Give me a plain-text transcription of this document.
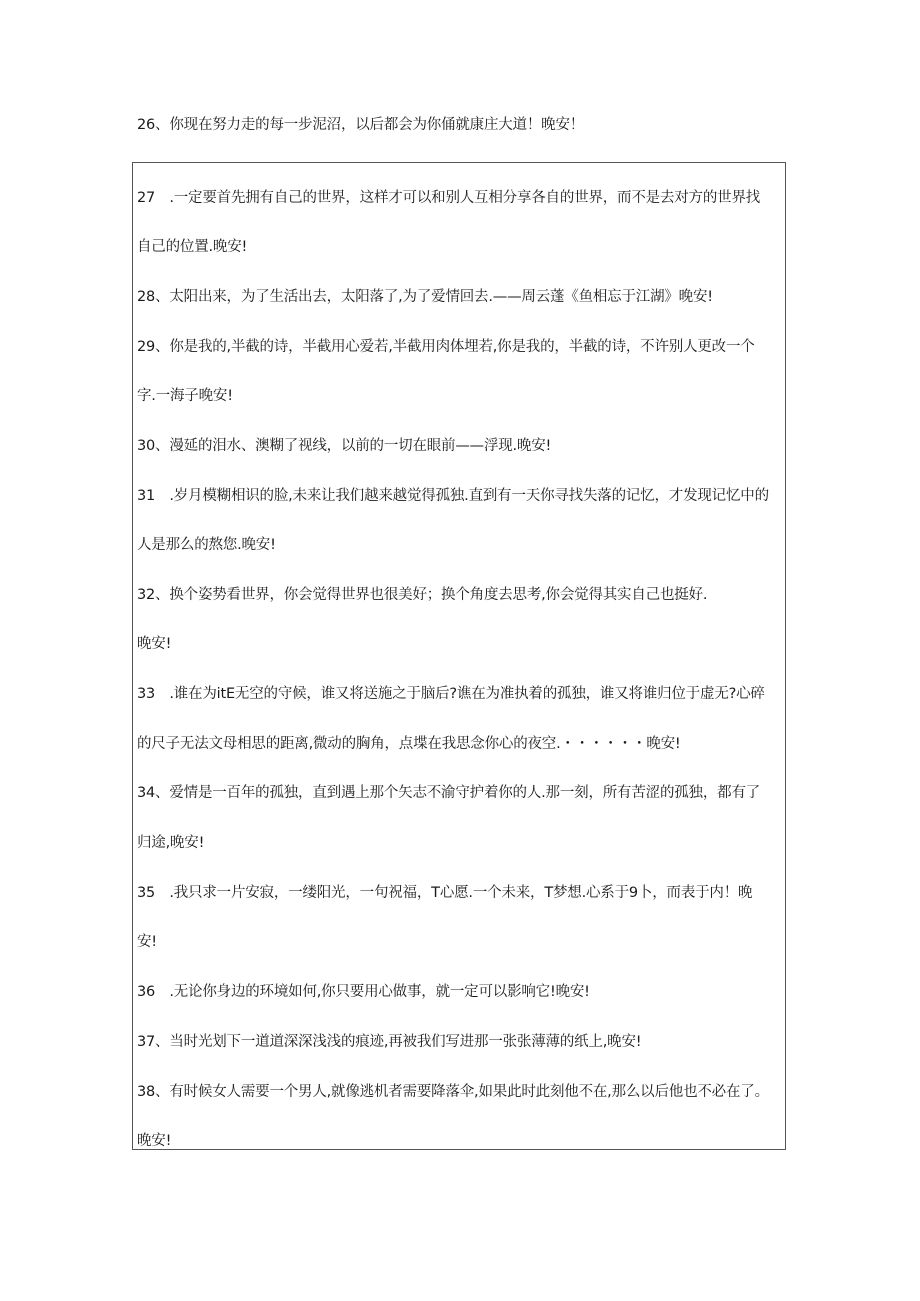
26、你现在努力走的每一步泥沼，以后都会为你俑就康庄大道！晚安！
27　.一定要首先拥有自己的世界，这样才可以和别人互相分享各自的世界，而不是去对方的世界找
自己的位置.晚安!
28、太阳出来，为了生活出去，太阳落了,为了爱情回去.——周云蓬《鱼相忘于江湖》晚安!
29、你是我的,半截的诗，半截用心爱若,半截用肉体埋若,你是我的，半截的诗，不许别人更改一个
字.一海子晚安!
30、漫延的泪水、澳糊了视线，以前的一切在眼前——浮现.晚安!
31　.岁月模糊相识的脸,未来让我们越来越觉得孤独.直到有一天你寻找失落的记忆，才发现记忆中的
人是那么的熬您.晚安!
32、换个姿势看世界，你会觉得世界也很美好；换个角度去思考,你会觉得其实自己也挺好.
晚安!
33　.谁在为itE无空的守候，谁又将送施之于脑后?谯在为准执着的孤独，谁又将谁归位于虚无?心碎
的尺子无法文母相思的距离,微动的胸角，点堞在我思念你心的夜空.・・・・・・晚安!
34、爱情是一百年的孤独，直到遇上那个矢志不渝守护着你的人.那一刻，所有苦涩的孤独，都有了
归途,晚安!
35　.我只求一片安寂，一缕阳光，一句祝福，T心愿.一个未来，T梦想.心系于9卜，而表于内！晚
安!
36　.无论你身边的环境如何,你只要用心做事，就一定可以影响它!晚安!
37、当时光划下一道道深深浅浅的痕迹,再被我们写进那一张张薄薄的纸上,晚安!
38、有时候女人需要一个男人,就像逃机者需要降落伞,如果此时此刻他不在,那么以后他也不必在了。
晚安!
